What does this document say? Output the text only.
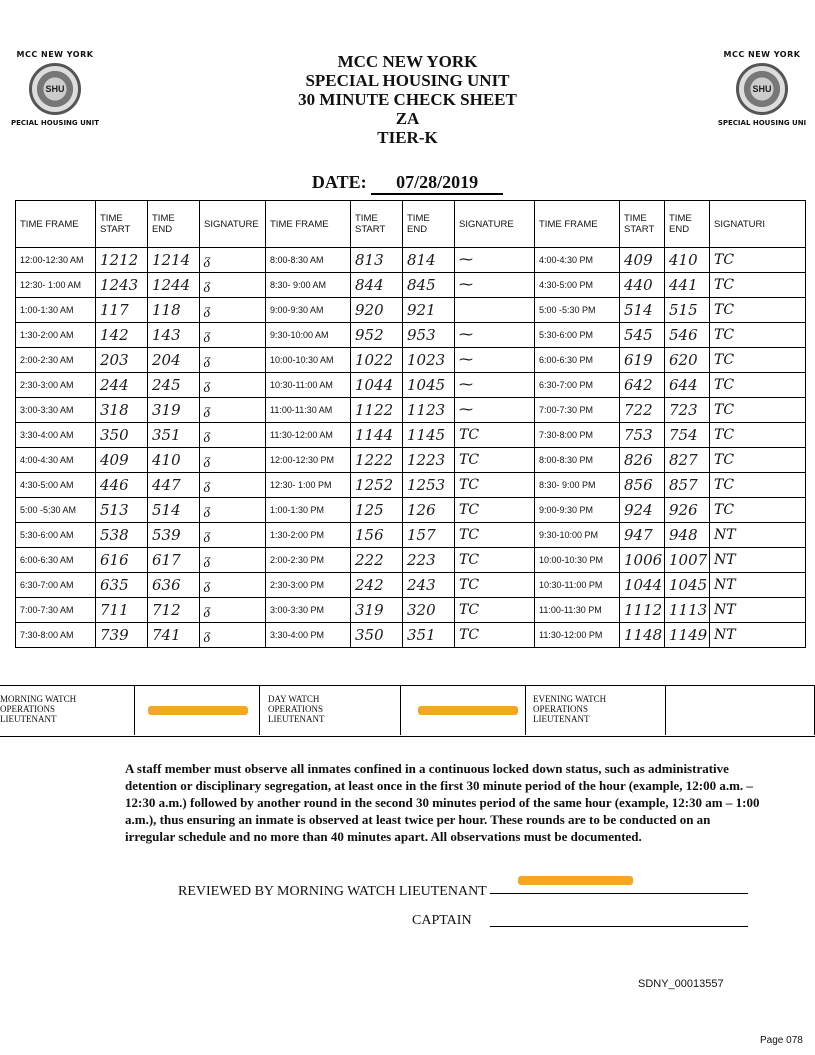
MCC NEW YORK
SHU
PECIAL HOUSING UNIT
MCC NEW YORK
SHU
SPECIAL HOUSING UNI
MCC NEW YORK
SPECIAL HOUSING UNIT
30 MINUTE CHECK SHEET
ZA
TIER-K
DATE: 07/28/2019
TIME FRAME	TIME START	TIME END	SIGNATURE	TIME FRAME	TIME START	TIME END	SIGNATURE	TIME FRAME	TIME START	TIME END	SIGNATURI
12:00-12:30 AM	1212	1214	ᵹ	8:00-8:30 AM	813	814	⁓	4:00-4:30 PM	409	410	TC
12:30- 1:00 AM	1243	1244	ᵹ	8:30- 9:00 AM	844	845	⁓	4:30-5:00 PM	440	441	TC
1:00-1:30 AM	117	118	ᵹ	9:00-9:30 AM	920	921		5:00 -5:30 PM	514	515	TC
1:30-2:00 AM	142	143	ᵹ	9:30-10:00 AM	952	953	⁓	5:30-6:00 PM	545	546	TC
2:00-2:30 AM	203	204	ᵹ	10:00-10:30 AM	1022	1023	⁓	6:00-6:30 PM	619	620	TC
2:30-3:00 AM	244	245	ᵹ	10:30-11:00 AM	1044	1045	⁓	6:30-7:00 PM	642	644	TC
3:00-3:30 AM	318	319	ᵹ	11:00-11:30 AM	1122	1123	⁓	7:00-7:30 PM	722	723	TC
3:30-4:00 AM	350	351	ᵹ	11:30-12:00 AM	1144	1145	TC	7:30-8:00 PM	753	754	TC
4:00-4:30 AM	409	410	ᵹ	12:00-12:30 PM	1222	1223	TC	8:00-8:30 PM	826	827	TC
4:30-5:00 AM	446	447	ᵹ	12:30- 1:00 PM	1252	1253	TC	8:30- 9:00 PM	856	857	TC
5:00 -5:30 AM	513	514	ᵹ	1:00-1:30 PM	125	126	TC	9:00-9:30 PM	924	926	TC
5:30-6:00 AM	538	539	ᵹ	1:30-2:00 PM	156	157	TC	9:30-10:00 PM	947	948	NT
6:00-6:30 AM	616	617	ᵹ	2:00-2:30 PM	222	223	TC	10:00-10:30 PM	1006	1007	NT
6:30-7:00 AM	635	636	ᵹ	2:30-3:00 PM	242	243	TC	10:30-11:00 PM	1044	1045	NT
7:00-7:30 AM	711	712	ᵹ	3:00-3:30 PM	319	320	TC	11:00-11:30 PM	1112	1113	NT
7:30-8:00 AM	739	741	ᵹ	3:30-4:00 PM	350	351	TC	11:30-12:00 PM	1148	1149	NT
MORNING WATCH
OPERATIONS
LIEUTENANT
DAY WATCH
OPERATIONS
LIEUTENANT
EVENING WATCH
OPERATIONS
LIEUTENANT
A staff member must observe all inmates confined in a continuous locked down status, such as administrative detention or disciplinary segregation, at least once in the first 30 minute period of the hour (example, 12:00 a.m. – 12:30 a.m.) followed by another round in the second 30 minutes period of the same hour (example, 12:30 am – 1:00 a.m.), thus ensuring an inmate is observed at least twice per hour. These rounds are to be conducted on an irregular schedule and no more than 40 minutes apart. All observations must be documented.
REVIEWED BY MORNING WATCH LIEUTENANT
CAPTAIN
SDNY_00013557
Page 078
